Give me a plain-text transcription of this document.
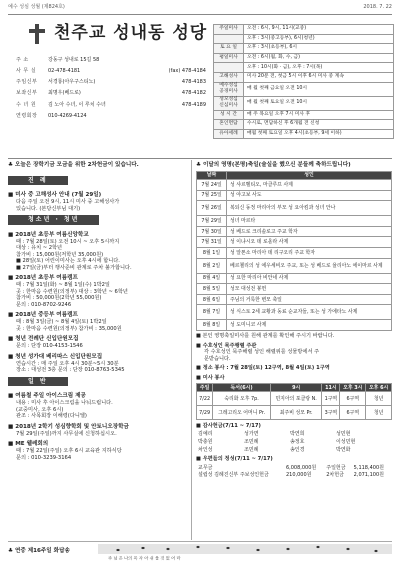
예수 성심 성월 (제824호)	2018. 7. 22
천주교 성내동 성당
주 소	강동구 성내로 15길 58
사 무 실	02-478-4181	(fax) 478-4184
주임신부	서경룡(아우구스티노)	478-4183
보좌신부	최명우(베드로)	478-4182
수 녀 원	김 노아 수녀, 이 루치 수녀	478-4189
연령회장	010-4269-4124
주일미사	오전 : 6시, 9시, 11시(교중)
	오후 : 3시(중고등부), 6시(청년)
토 요 일	오후 : 3시(초등부), 6시
평일미사	오전 : 6시(월, 화, 수, 금)
	오후 : 10시(화 · 금), 오후 : 7시(목)
고해성사	미사 20분 전, 첫금 5시 이후 6시 미사 중 계속
예수성심 공경미사	매 월 첫째 금요일 오전 10시
성모성심 신심미사	매 월 첫째 토요일 오전 10시
성 시 간	매 주 목요일 오후 7시 미사 후
혼인면담	수시로, 면담하신 후 6개월 전 신청
유아세례	매월 첫째 토요일 오후 4시(초등부, 9세 이하)
♣ 오늘은 장학기금 모금을 위한 2차헌금이 있습니다.
진 례
■ 미사 중 고해성사 안내 (7월 29일)
다음 주일 오전 9시, 11시 미사 중 고해성사가
있습니다. (본당신부님 대기)
청소년 · 청년
■ 2018년 초등부 여름신앙학교
때 : 7월 28일(토) 오전 10시 ~ 오후 5시까지
대상 : 유치 ~ 2학년
참가비 : 15,000원(저학년 35,000원)
■ 28일(토) 어린이미사는 오후 4시에 합니다.
■ 27일(금)부터 행사준비 관계로 주차 불가합니다.
■ 2018년 초등부 여름캠프
때 : 7월 31일(화) ~ 8월 1일(수) 1박2일
곳 : 한마음 수련원(의정부) 대상 : 3학년 ~ 6학년
참가비 : 50,000원(2학년 55,000원)
문의 : 010-8702-9246
■ 2018년 중등부 여름캠프
때 : 8월 3일(금) ~ 8월 4일(토) 1박2일
곳 : 한마음 수련원(의정부) 참가비 : 35,000원
■ 청년 전례단 신입단원모집
문의 : 단장 010-4153-1546
■ 청년 성가대 베리따스 신입단원모집
연습시간 : 매 주일 오후 4시 30분~5시 30분
장소 : 대성전 3층 문의 : 단장 010-8763-5345
일 반
■ 여름철 주일 아이스크림 제공
내용 : 미사 후 아이스크림을 나눠드립니다.
(교중미사, 오후 6시)
관조 : 사목회장 이해령(다니엘)
■ 2018년 2학기 성심향학회 및 안토니오장학금
7월 29일(주일)까지 사무실에 신청하십시오.
■ ME 웰레회의
때 : 7월 22일(주일) 오후 6시 교육관 지하식당
문의 : 010-3239-3164
♣ 이달의 영명(본명)축일(술실을 했으신 분들께 축하드립니다)
날짜	성인
7월 24일	성 샤르벨티오, 마클루프 사제
7월 25일	성 야고보 사도
7월 26일	복되신 동정 마리아의 부모 성 요아킴과 성녀 안나
7월 29일	성녀 마르타
7월 30일	성 베드로 크리솔로고 주교 학자
7월 31일	성 이냐시오 데 로욜라 사제
8월 1일	성 알폰소 마리아 데 리구오리 주교 학자
8월 2일	베르첼리의 성 에우세비오 주교, 또는 성 베드로 율리아노 에이마르 사제
8월 4일	성 요한 마리아 비안네 사제
8월 5일	성모 대성전 봉헌
8월 6일	주님의 거룩한 변모 축일
8월 7일	성 식스토 2세 교황과 동료 순교자들, 또는 성 가에타노 사제
8월 8일	성 도미니코 사제
■ 본인 영명축일미사를 원해 관계를 확인해 주시기 바랍니다.
■ 수호성인 묵주행렬 주관
각 수호성인 묵주해렬 성인 해렬위를 성물방에서 주
문받습니다.
■ 정소 봉사 : 7월 28일(토) 12구역, 8월 4일(토) 1구역
■ 미사 봉사
주일	독서(6시)	9시	11시	오후 3시	오후 6시
7/22	숙리화 오후 7p.	민지아의 포클랑 N.	1구역	6구역	청년
7/29	그레고리오 어머니 Pr.	최주비 성모 Pr.	3구역	6구역	청년
■ 감사헌금(7/11 ~ 7/17)
김예리	성가면	박연희	성민현
박충원	조민례	송정호	이성민현
차인성	조민례	송인경	박연화
■ 우편들의 정성(7/11 ~ 7/17)
교무금	6,008,000원	주일헌금	5,118,400원
설립성 김례진신부 주보성인헌금	210,000원	2차헌금	2,071,100원
♣ 연중 제16주일 화답송
주 님 은 나의 목 자 아 쉬 울 것 없 어 라
